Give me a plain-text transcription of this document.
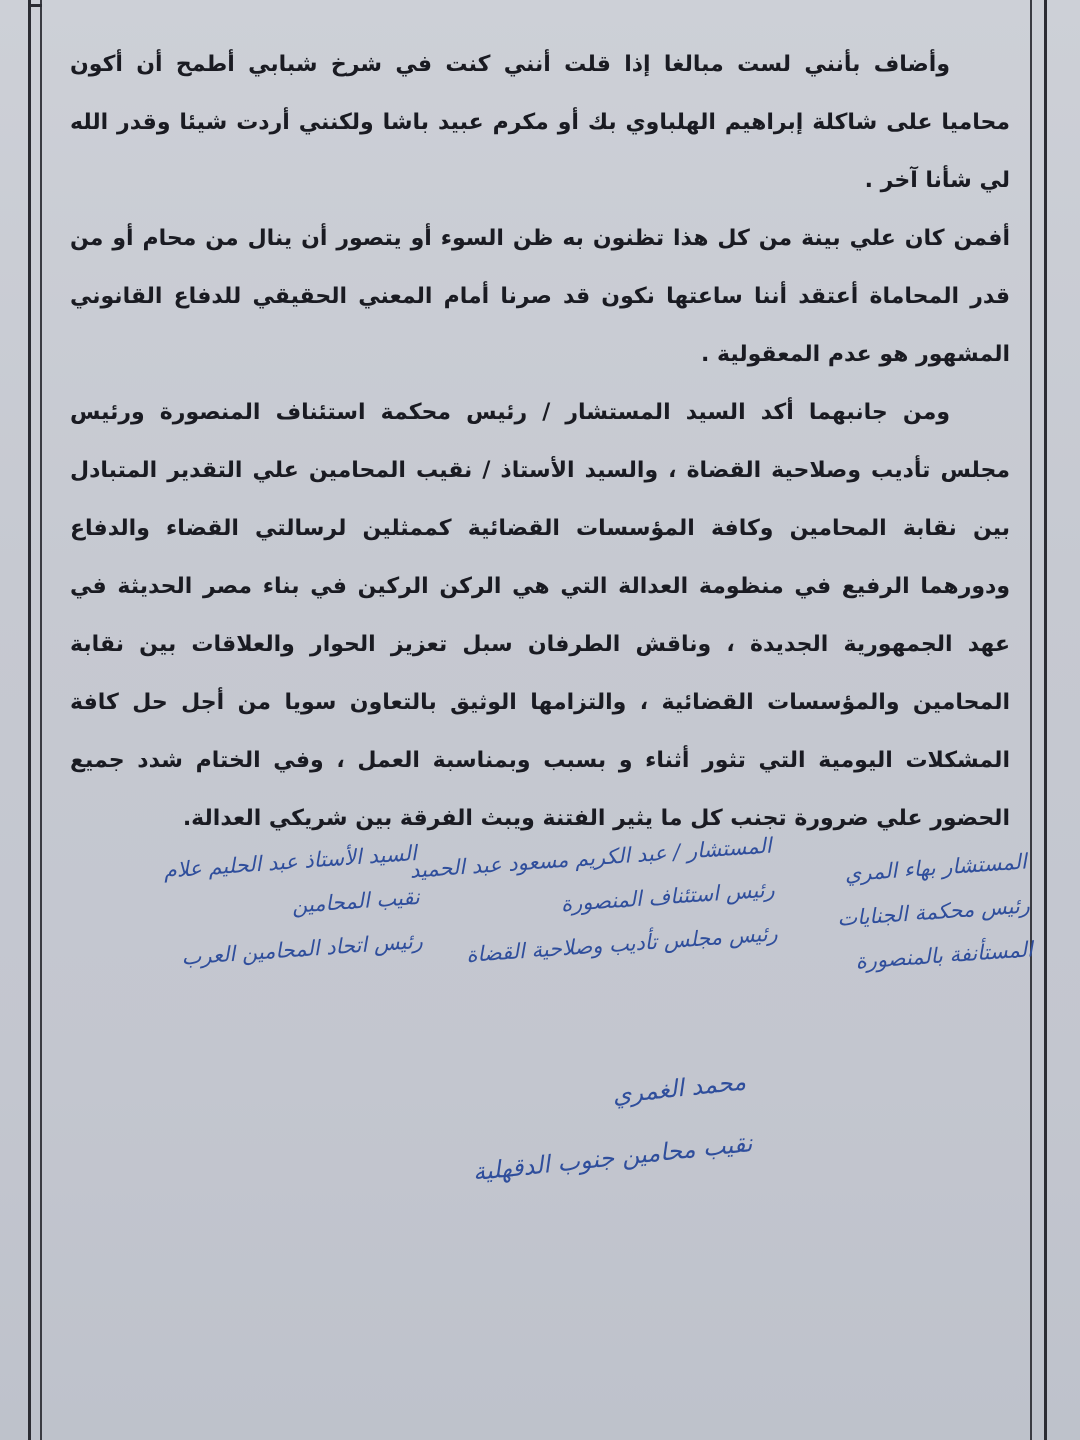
وأضاف بأنني لست مبالغا إذا قلت أنني كنت في شرخ شبابي أطمح أن أكون محاميا على شاكلة إبراهيم الهلباوي بك أو مكرم عبيد باشا ولكنني أردت شيئا وقدر الله لي شأنا آخر .

أفمن كان علي بينة من كل هذا تظنون به ظن السوء أو يتصور أن ينال من محام أو من قدر المحاماة أعتقد أننا ساعتها نكون قد صرنا أمام المعني الحقيقي للدفاع القانوني المشهور هو عدم المعقولية .

ومن جانبهما أكد السيد المستشار / رئيس محكمة استئناف المنصورة ورئيس مجلس تأديب وصلاحية القضاة ، والسيد الأستاذ / نقيب المحامين علي التقدير المتبادل بين نقابة المحامين وكافة المؤسسات القضائية كممثلين لرسالتي القضاء والدفاع ودورهما الرفيع في منظومة العدالة التي هي الركن الركين في بناء مصر الحديثة في عهد الجمهورية الجديدة ، وناقش الطرفان سبل تعزيز الحوار والعلاقات بين نقابة المحامين والمؤسسات القضائية ، والتزامها الوثيق بالتعاون سويا من أجل حل كافة المشكلات اليومية التي تثور أثناء و بسبب وبمناسبة العمل ، وفي الختام شدد جميع الحضور علي ضرورة تجنب كل ما يثير الفتنة ويبث الفرقة بين شريكي العدالة.

المستشار بهاء المري
رئيس محكمة الجنايات
المستأنفة بالمنصورة
المستشار / عبد الكريم مسعود عبد الحميد
رئيس استئناف المنصورة
رئيس مجلس تأديب وصلاحية القضاة
السيد الأستاذ عبد الحليم علام
نقيب المحامين
رئيس اتحاد المحامين العرب
محمد الغمري
نقيب محامين جنوب الدقهلية
